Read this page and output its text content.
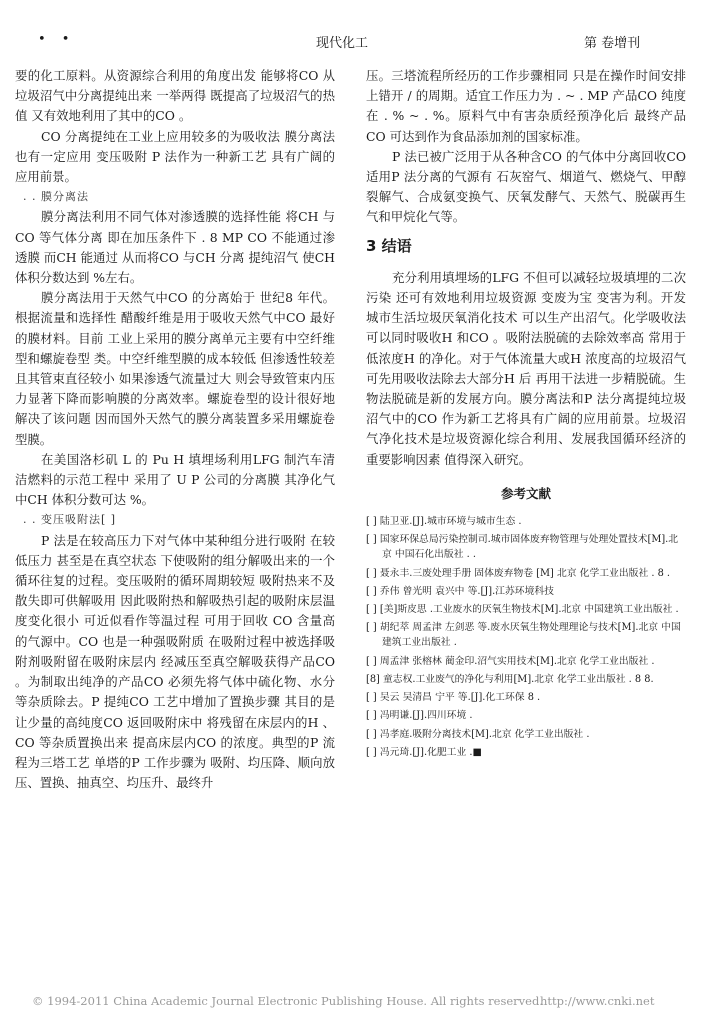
• •	现代化工	第 卷增刊

要的化工原料。从资源综合利用的角度出发 能够将CO 从垃圾沼气中分离提纯出来 一举两得 既提高了垃圾沼气的热值 又有效地利用了其中的CO 。

CO 分离提纯在工业上应用较多的为吸收法 膜分离法也有一定应用 变压吸附 P 法作为一种新工艺 具有广阔的应用前景。

. . 膜分离法

膜分离法利用不同气体对渗透膜的选择性能 将CH 与CO 等气体分离 即在加压条件下 . 8 MP CO 不能通过渗透膜 而CH 能通过 从而将CO 与CH 分离 提纯沼气 使CH 体积分数达到 %左右。

膜分离法用于天然气中CO 的分离始于 世纪8 年代。根据流量和选择性 醋酸纤维是用于吸收天然气中CO 最好的膜材料。目前 工业上采用的膜分离单元主要有中空纤维型和螺旋卷型 类。中空纤维型膜的成本较低 但渗透性较差 且其管束直径较小 如果渗透气流量过大 则会导致管束内压力显著下降而影响膜的分离效率。螺旋卷型的设计很好地解决了该问题 因而国外天然气的膜分离装置多采用螺旋卷型膜。

在美国洛杉矶 L 的 Pu H 填埋场利用LFG 制汽车清洁燃料的示范工程中 采用了 U P 公司的分离膜 其净化气中CH 体积分数可达 %。

. . 变压吸附法[ ]

P 法是在较高压力下对气体中某种组分进行吸附 在较低压力 甚至是在真空状态 下使吸附的组分解吸出来的一个循环往复的过程。变压吸附的循环周期较短 吸附热来不及散失即可供解吸用 因此吸附热和解吸热引起的吸附床层温度变化很小 可近似看作等温过程 可用于回收 CO 含量高的气源中。CO 也是一种强吸附质 在吸附过程中被选择吸附剂吸附留在吸附床层内 经减压至真空解吸获得产品CO 。为制取出纯净的产品CO 必须先将气体中硫化物、水分等杂质除去。P 提纯CO 工艺中增加了置换步骤 其目的是让少量的高纯度CO 返回吸附床中 将残留在床层内的H 、CO 等杂质置换出来 提高床层内CO 的浓度。典型的P 流程为三塔工艺 单塔的P 工作步骤为 吸附、均压降、顺向放压、置换、抽真空、均压升、最终升

压。三塔流程所经历的工作步骤相同 只是在操作时间安排上错开 / 的周期。适宜工作压力为 . ~ . MP 产品CO 纯度在 . % ~ . %。原料气中有害杂质经预净化后 最终产品CO 可达到作为食品添加剂的国家标准。

P 法已被广泛用于从各种含CO 的气体中分离回收CO 适用P 法分离的气源有 石灰窑气、烟道气、燃烧气、甲醇裂解气、合成氨变换气、厌氧发酵气、天然气、脱碳再生气和甲烷化气等。

3 结语

充分利用填埋场的LFG 不但可以减轻垃圾填埋的二次污染 还可有效地利用垃圾资源 变废为宝 变害为利。开发城市生活垃圾厌氧消化技术 可以生产出沼气。化学吸收法可以同时吸收H 和CO 。吸附法脱硫的去除效率高 常用于低浓度H 的净化。对于气体流量大或H 浓度高的垃圾沼气 可先用吸收法除去大部分H 后 再用干法进一步精脱硫。生物法脱硫是新的发展方向。膜分离法和P 法分离提纯垃圾沼气中的CO 作为新工艺将具有广阔的应用前景。垃圾沼气净化技术是垃圾资源化综合利用、发展我国循环经济的重要影响因素 值得深入研究。

参考文献
[ ] 陆卫亚.[J].城市环境与城市生态 .
[ ] 国家环保总局污染控制司.城市固体废弃物管理与处理处置技术[M].北京 中国石化出版社 . .
[ ] 聂永丰.三废处理手册 固体废弃物卷 [M] 北京 化学工业出版社 . 8 .
[ ] 乔伟 曾光明 袁兴中 等.[J].江苏环境科技
[ ] [美]斯皮思 .工业废水的厌氧生物技术[M].北京 中国建筑工业出版社 .
[ ] 胡纪萃 周孟津 左剑恶 等.废水厌氧生物处理理论与技术[M].北京 中国建筑工业出版社 .
[ ] 周孟津 张榕林 蔺金印.沼气实用技术[M].北京 化学工业出版社 .
[8] 童志权.工业废气的净化与利用[M].北京 化学工业出版社 . 8 8.
[ ] 吴云 吴清昌 宁平 等.[J].化工环保 8 .
[ ] 冯明谦.[J].四川环境 .
[ ] 冯孝庭.吸附分离技术[M].北京 化学工业出版社 .
[ ] 冯元琦.[J].化肥工业 .■
© 1994-2011 China Academic Journal Electronic Publishing House. All rights reserved.
http://www.cnki.net
